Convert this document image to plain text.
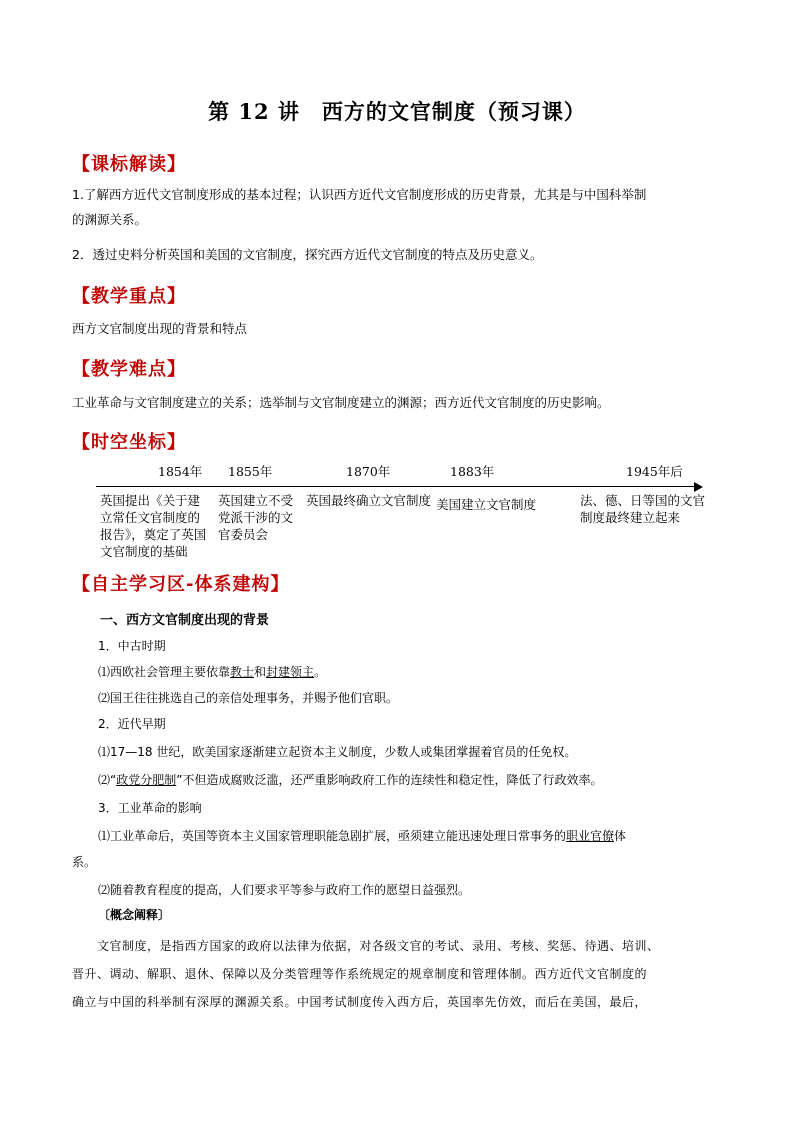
第 12 讲　西方的文官制度（预习课）
【课标解读】
1.了解西方近代文官制度形成的基本过程；认识西方近代文官制度形成的历史背景，尤其是与中国科举制
的渊源关系。
2．透过史料分析英国和美国的文官制度，探究西方近代文官制度的特点及历史意义。
【教学重点】
西方文官制度出现的背景和特点
【教学难点】
工业革命与文官制度建立的关系；选举制与文官制度建立的渊源；西方近代文官制度的历史影响。
【时空坐标】
1854年 1855年	1870年	1883年	1945年后
英国提出《关于建
立常任文官制度的
报告》，奠定了英国
文官制度的基础
英国建立不受
党派干涉的文
官委员会
英国最终确立文官制度 美国建立文官制度	法、德、日等国的文官
制度最终建立起来
【自主学习区-体系建构】
一、西方文官制度出现的背景
1．中古时期
⑴西欧社会管理主要依靠教士和封建领主。
⑵国王往往挑选自己的亲信处理事务，并赐予他们官职。
2．近代早期
⑴17—18 世纪，欧美国家逐渐建立起资本主义制度，少数人或集团掌握着官员的任免权。
⑵“政党分肥制”不但造成腐败泛滥，还严重影响政府工作的连续性和稳定性，降低了行政效率。
3．工业革命的影响
⑴工业革命后，英国等资本主义国家管理职能急剧扩展，亟须建立能迅速处理日常事务的职业官僚体
系。
⑵随着教育程度的提高，人们要求平等参与政府工作的愿望日益强烈。
〔概念阐释〕
　　文官制度，是指西方国家的政府以法律为依据，对各级文官的考试、录用、考核、奖惩、待遇、培训、
晋升、调动、解职、退休、保障以及分类管理等作系统规定的规章制度和管理体制。西方近代文官制度的
确立与中国的科举制有深厚的渊源关系。中国考试制度传入西方后，英国率先仿效，而后在美国，最后，
